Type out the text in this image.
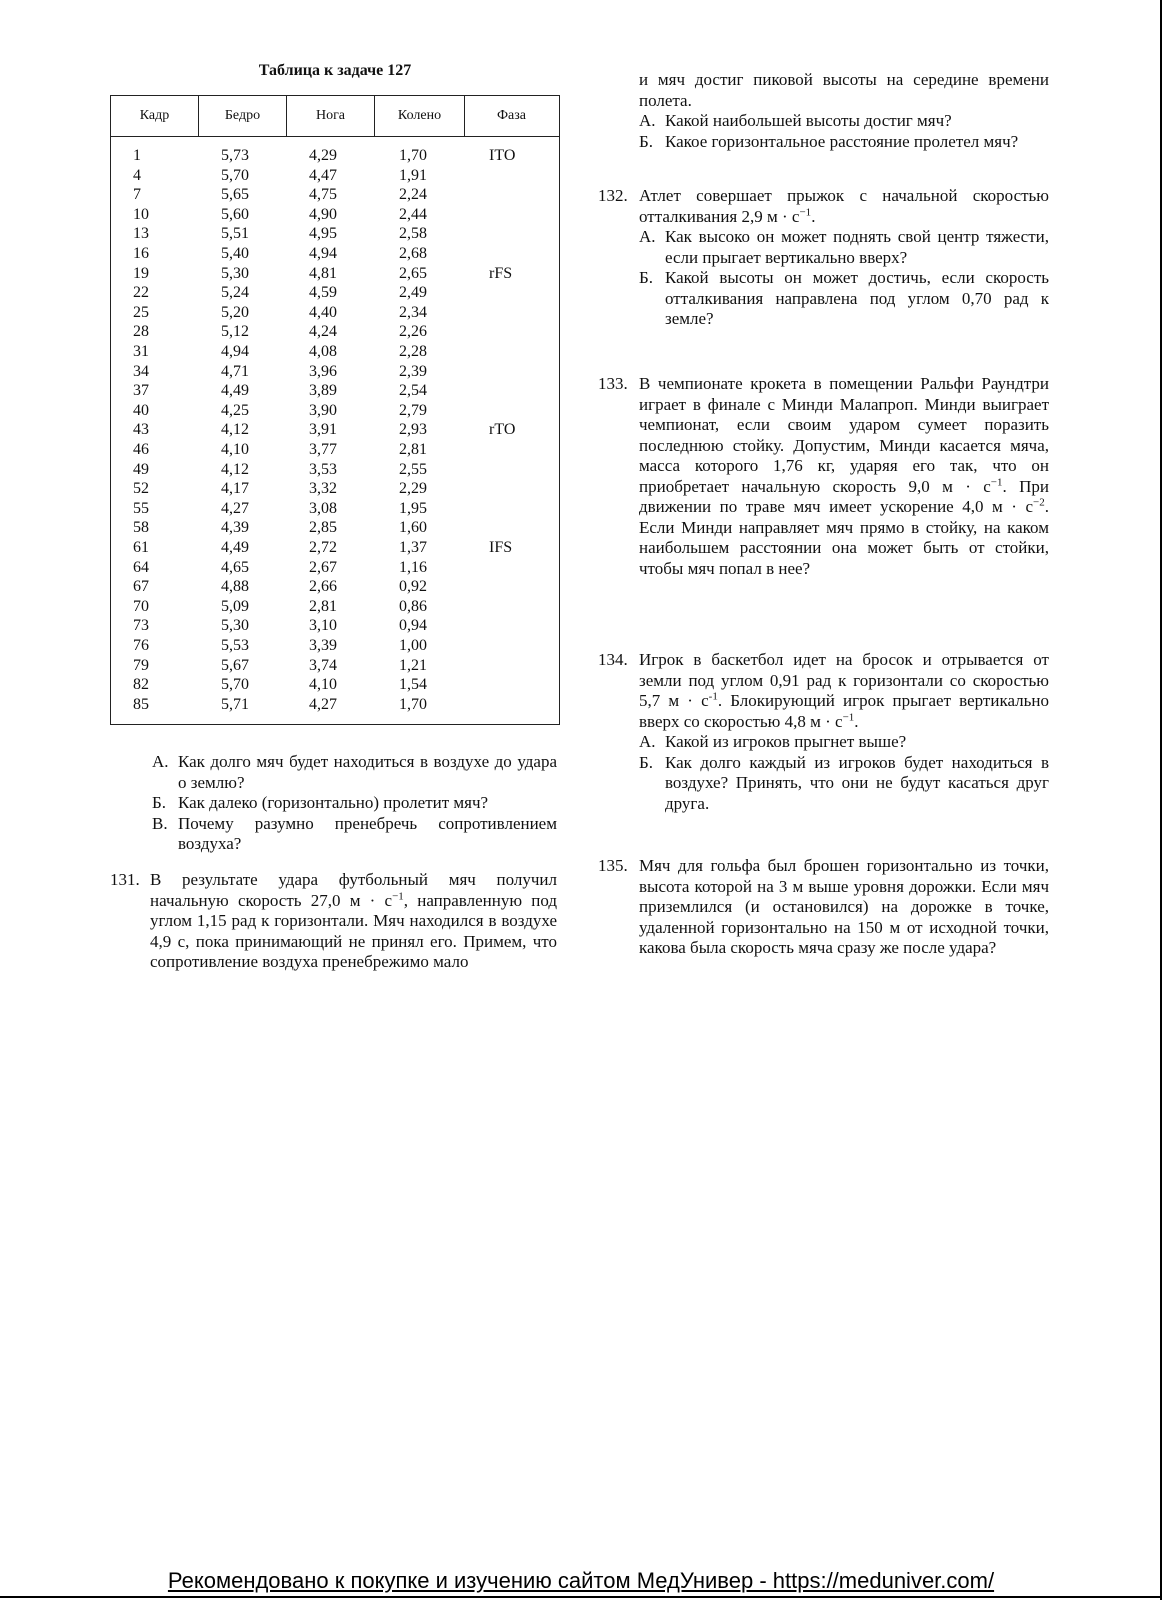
Таблица к задаче 127
Кадр	Бедро	Нога	Колено	Фаза
1	5,73	4,29	1,70	ITO
4	5,70	4,47	1,91
7	5,65	4,75	2,24
10	5,60	4,90	2,44
13	5,51	4,95	2,58
16	5,40	4,94	2,68
19	5,30	4,81	2,65	rFS
22	5,24	4,59	2,49
25	5,20	4,40	2,34
28	5,12	4,24	2,26
31	4,94	4,08	2,28
34	4,71	3,96	2,39
37	4,49	3,89	2,54
40	4,25	3,90	2,79
43	4,12	3,91	2,93	rTO
46	4,10	3,77	2,81
49	4,12	3,53	2,55
52	4,17	3,32	2,29
55	4,27	3,08	1,95
58	4,39	2,85	1,60
61	4,49	2,72	1,37	IFS
64	4,65	2,67	1,16
67	4,88	2,66	0,92
70	5,09	2,81	0,86
73	5,30	3,10	0,94
76	5,53	3,39	1,00
79	5,67	3,74	1,21
82	5,70	4,10	1,54
85	5,71	4,27	1,70
А. Как долго мяч будет находиться в воздухе до удара о землю?
Б. Как далеко (горизонтально) пролетит мяч?
В. Почему разумно пренебречь сопротивлением воздуха?
131. В результате удара футбольный мяч получил начальную скорость 27,0 $м \cdot с^{-1}$, направленную под углом 1,15 рад к горизонтали. Мяч находился в воздухе 4,9 с, пока принимающий не принял его. Примем, что сопротивление воздуха пренебрежимо мало
и мяч достиг пиковой высоты на середине времени полета.
А. Какой наибольшей высоты достиг мяч?
Б. Какое горизонтальное расстояние пролетел мяч?
132. Атлет совершает прыжок с начальной скоростью отталкивания 2,9 $м \cdot с^{-1}$.
А. Как высоко он может поднять свой центр тяжести, если прыгает вертикально вверх?
Б. Какой высоты он может достичь, если скорость отталкивания направлена под углом 0,70 рад к земле?
133. В чемпионате крокета в помещении Ральфи Раундтри играет в финале с Минди Малапроп. Минди выиграет чемпионат, если своим ударом сумеет поразить последнюю стойку. Допустим, Минди касается мяча, масса которого 1,76 кг, ударяя его так, что он приобретает начальную скорость 9,0 $м \cdot с^{-1}$. При движении по траве мяч имеет ускорение 4,0 $м \cdot с^{-2}$. Если Минди направляет мяч прямо в стойку, на каком наибольшем расстоянии она может быть от стойки, чтобы мяч попал в нее?
134. Игрок в баскетбол идет на бросок и отрывается от земли под углом 0,91 рад к горизонтали со скоростью 5,7 $м \cdot с^{-1}$. Блокирующий игрок прыгает вертикально вверх со скоростью 4,8 $м \cdot с^{-1}$.
А. Какой из игроков прыгнет выше?
Б. Как долго каждый из игроков будет находиться в воздухе? Принять, что они не будут касаться друг друга.
135. Мяч для гольфа был брошен горизонтально из точки, высота которой на 3 м выше уровня дорожки. Если мяч приземлился (и остановился) на дорожке в точке, удаленной горизонтально на 150 м от исходной точки, какова была скорость мяча сразу же после удара?
Рекомендовано к покупке и изучению сайтом МедУнивер - https://meduniver.com/
